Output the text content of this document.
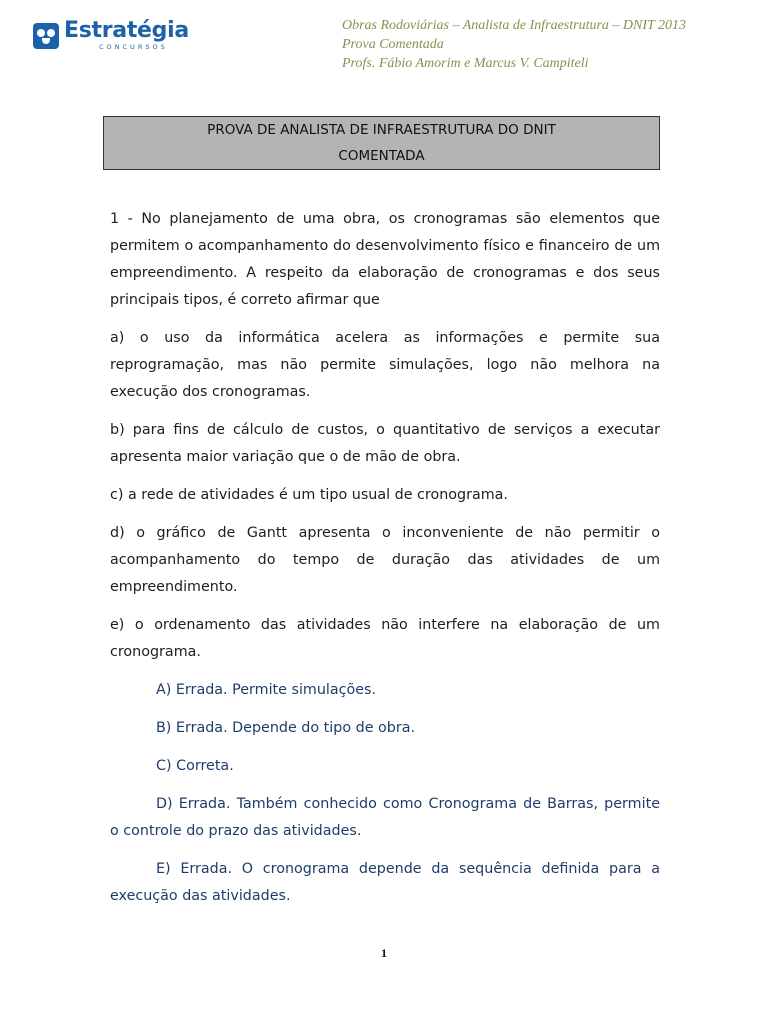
Estratégia
CONCURSOS
Obras Rodoviárias – Analista de Infraestrutura – DNIT 2013
Prova Comentada
Profs. Fábio Amorim e Marcus V. Campiteli
PROVA DE ANALISTA DE INFRAESTRUTURA DO DNIT
COMENTADA

1 - No planejamento de uma obra, os cronogramas são elementos que permitem o acompanhamento do desenvolvimento físico e financeiro de um empreendimento. A respeito da elaboração de cronogramas e dos seus principais tipos, é correto afirmar que

a) o uso da informática acelera as informações e permite sua reprogramação, mas não permite simulações, logo não melhora na execução dos cronogramas.

b) para fins de cálculo de custos, o quantitativo de serviços a executar apresenta maior variação que o de mão de obra.

c) a rede de atividades é um tipo usual de cronograma.

d) o gráfico de Gantt apresenta o inconveniente de não permitir o acompanhamento do tempo de duração das atividades de um empreendimento.

e) o ordenamento das atividades não interfere na elaboração de um cronograma.

A) Errada. Permite simulações.

B) Errada. Depende do tipo de obra.

C) Correta.

D) Errada. Também conhecido como Cronograma de Barras, permite o controle do prazo das atividades.

E) Errada. O cronograma depende da sequência definida para a execução das atividades.

1
